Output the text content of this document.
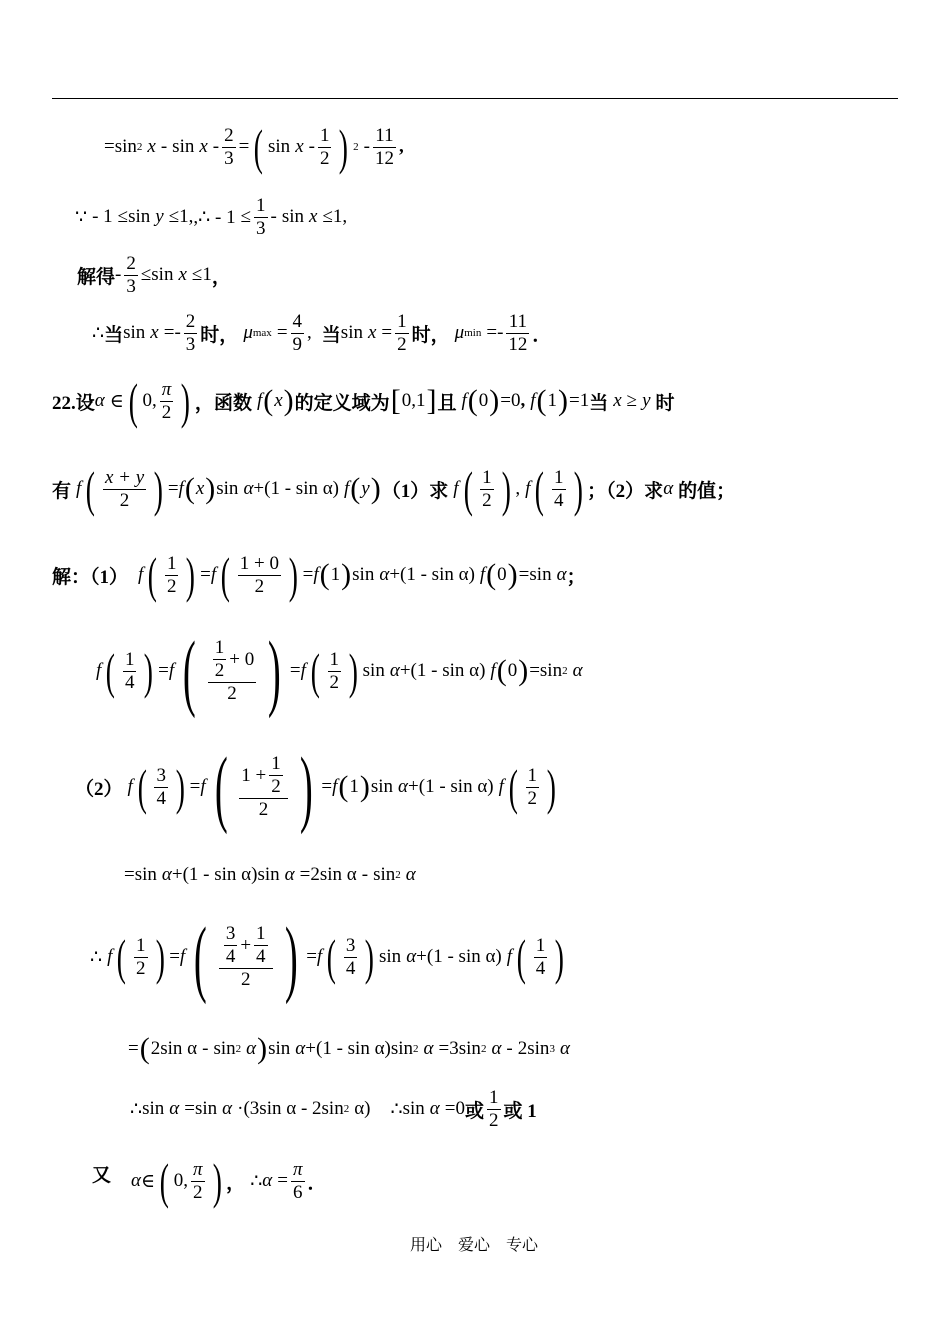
= sin 2 x - sin x - $\frac{2}{3}$ = ( sin x - $\frac{1}{2}$ ) $2 - \frac{11}{12}$ ,
∵ - 1 ≤ sin y ≤1, ,∴ - $1 \le \frac{1}{3} - \sin x \le 1$,
解得 - $\frac{2}{3} \le \sin x \le 1$ ，
∴ 当 sin x = - $\frac{2}{3}$ 时 ， μ $\max = \frac{4}{9}$ , 当 $\sin x = \frac{1}{2}$ 时 ， μ min = - $\frac{11}{12}$ ．
22.设 α ∈ ( 0, $\frac{\pi}{2}$ ) ， 函数 f ( x ) 的定义域为 [ 0,1 ] 且 f ( 0 ) = 0 , f ( 1 ) = 1 当 x ≥ y 时
有 f ( $\frac{x + y}{2}$ ) = f ( x ) sin α + (1 - sin α) f ( y ) （1）求 f ( $\frac{1}{2}$ ) , f ( $\frac{1}{4}$ ) ；（2）求 α 的值；
解：（1） f ( $\frac{1}{2}$ ) = f ( $\frac{1 + 0}{2}$ ) = f ( 1 ) sin α + (1 - sin α) f ( 0 ) = sin α ；
f ( $\frac{1}{4}$ ) = f ( $\frac{\frac{1}{2} + 0}{2}$ ) = f ( $\frac{1}{2}$ ) sin α + (1 - sin α) f ( 0 ) = sin 2 α
（2） f ( $\frac{3}{4}$ ) = f ( $\frac{1 + \frac{1}{2}}{2}$ ) = f ( 1 ) sin α + (1 - sin α) f ( $\frac{1}{2}$ )
= sin α + (1 - sin α) sin α = 2sin α - sin 2 α
∴ f ( $\frac{1}{2}$ ) = f ( $\frac{\frac{3}{4} + \frac{1}{4}}{2}$ ) = f ( $\frac{3}{4}$ ) sin α + (1 - sin α) f ( $\frac{1}{4}$ )
= ( 2sin α - sin 2 α ) sin α + (1 - sin α) sin 2 α = 3sin 2 α - 2sin 3 α
∴ sin α = sin α · (3sin α - 2sin 2 α) ∴ sin α = 0 或 $\frac{1}{2}$ 或 1
又 α ∈ ( 0, $\frac{\pi}{2}$ ) ， ∴ $\alpha = \frac{\pi}{6}$ ．
用心　爱心　专心
